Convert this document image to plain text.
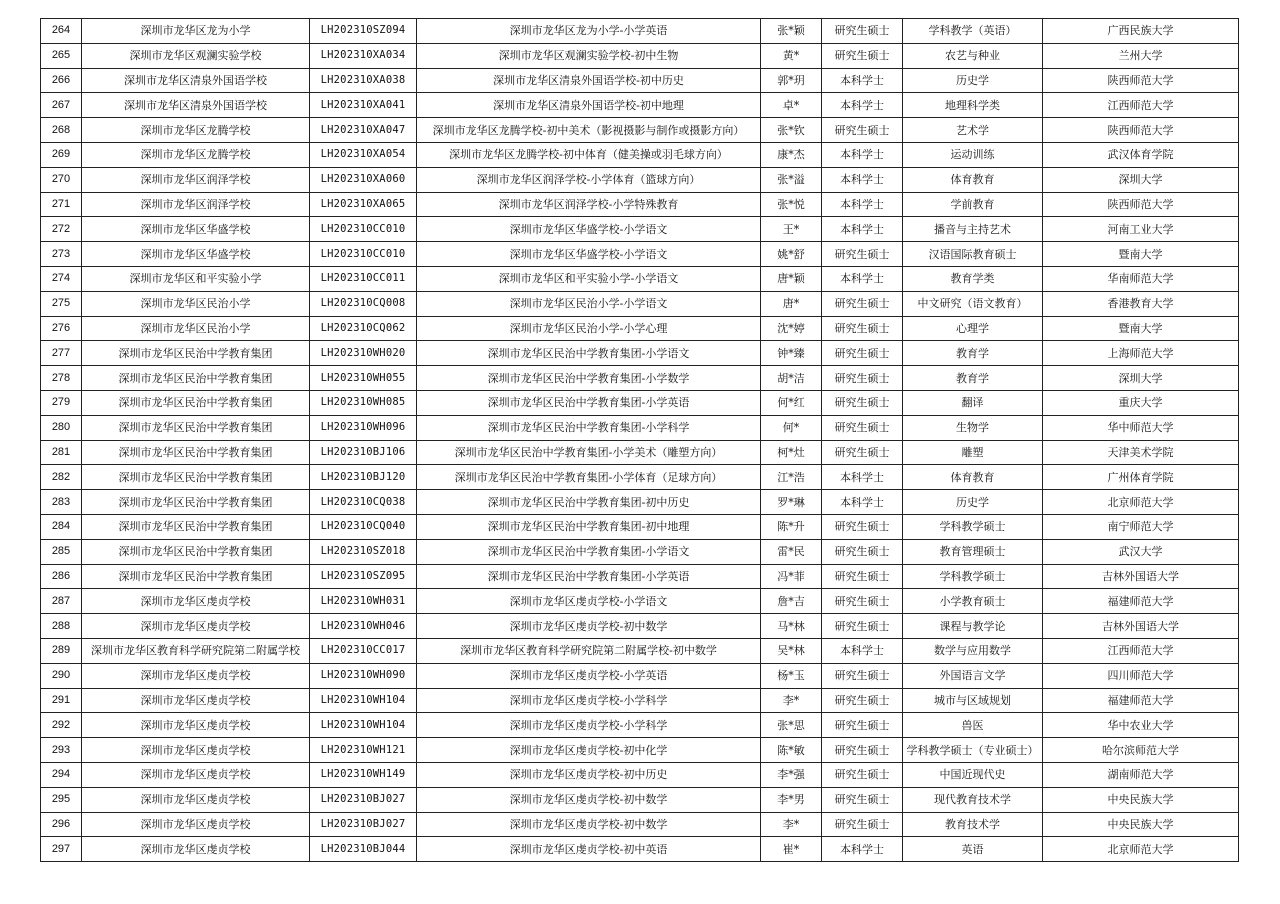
264	深圳市龙华区龙为小学	LH202310SZ094	深圳市龙华区龙为小学-小学英语	张*颖	研究生硕士	学科教学（英语）	广西民族大学
265	深圳市龙华区观澜实验学校	LH202310XA034	深圳市龙华区观澜实验学校-初中生物	黄*	研究生硕士	农艺与种业	兰州大学
266	深圳市龙华区清泉外国语学校	LH202310XA038	深圳市龙华区清泉外国语学校-初中历史	郭*玥	本科学士	历史学	陕西师范大学
267	深圳市龙华区清泉外国语学校	LH202310XA041	深圳市龙华区清泉外国语学校-初中地理	卓*	本科学士	地理科学类	江西师范大学
268	深圳市龙华区龙腾学校	LH202310XA047	深圳市龙华区龙腾学校-初中美术（影视摄影与制作或摄影方向）	张*钦	研究生硕士	艺术学	陕西师范大学
269	深圳市龙华区龙腾学校	LH202310XA054	深圳市龙华区龙腾学校-初中体育（健美操或羽毛球方向）	康*杰	本科学士	运动训练	武汉体育学院
270	深圳市龙华区润泽学校	LH202310XA060	深圳市龙华区润泽学校-小学体育（篮球方向）	张*溢	本科学士	体育教育	深圳大学
271	深圳市龙华区润泽学校	LH202310XA065	深圳市龙华区润泽学校-小学特殊教育	张*悦	本科学士	学前教育	陕西师范大学
272	深圳市龙华区华盛学校	LH202310CC010	深圳市龙华区华盛学校-小学语文	王*	本科学士	播音与主持艺术	河南工业大学
273	深圳市龙华区华盛学校	LH202310CC010	深圳市龙华区华盛学校-小学语文	姚*舒	研究生硕士	汉语国际教育硕士	暨南大学
274	深圳市龙华区和平实验小学	LH202310CC011	深圳市龙华区和平实验小学-小学语文	唐*颖	本科学士	教育学类	华南师范大学
275	深圳市龙华区民治小学	LH202310CQ008	深圳市龙华区民治小学-小学语文	唐*	研究生硕士	中文研究（语文教育）	香港教育大学
276	深圳市龙华区民治小学	LH202310CQ062	深圳市龙华区民治小学-小学心理	沈*婷	研究生硕士	心理学	暨南大学
277	深圳市龙华区民治中学教育集团	LH202310WH020	深圳市龙华区民治中学教育集团-小学语文	钟*臻	研究生硕士	教育学	上海师范大学
278	深圳市龙华区民治中学教育集团	LH202310WH055	深圳市龙华区民治中学教育集团-小学数学	胡*洁	研究生硕士	教育学	深圳大学
279	深圳市龙华区民治中学教育集团	LH202310WH085	深圳市龙华区民治中学教育集团-小学英语	何*红	研究生硕士	翻译	重庆大学
280	深圳市龙华区民治中学教育集团	LH202310WH096	深圳市龙华区民治中学教育集团-小学科学	何*	研究生硕士	生物学	华中师范大学
281	深圳市龙华区民治中学教育集团	LH202310BJ106	深圳市龙华区民治中学教育集团-小学美术（雕塑方向）	柯*灶	研究生硕士	雕塑	天津美术学院
282	深圳市龙华区民治中学教育集团	LH202310BJ120	深圳市龙华区民治中学教育集团-小学体育（足球方向）	江*浩	本科学士	体育教育	广州体育学院
283	深圳市龙华区民治中学教育集团	LH202310CQ038	深圳市龙华区民治中学教育集团-初中历史	罗*琳	本科学士	历史学	北京师范大学
284	深圳市龙华区民治中学教育集团	LH202310CQ040	深圳市龙华区民治中学教育集团-初中地理	陈*升	研究生硕士	学科教学硕士	南宁师范大学
285	深圳市龙华区民治中学教育集团	LH202310SZ018	深圳市龙华区民治中学教育集团-小学语文	雷*民	研究生硕士	教育管理硕士	武汉大学
286	深圳市龙华区民治中学教育集团	LH202310SZ095	深圳市龙华区民治中学教育集团-小学英语	冯*菲	研究生硕士	学科教学硕士	吉林外国语大学
287	深圳市龙华区虔贞学校	LH202310WH031	深圳市龙华区虔贞学校-小学语文	詹*吉	研究生硕士	小学教育硕士	福建师范大学
288	深圳市龙华区虔贞学校	LH202310WH046	深圳市龙华区虔贞学校-初中数学	马*林	研究生硕士	课程与教学论	吉林外国语大学
289	深圳市龙华区教育科学研究院第二附属学校	LH202310CC017	深圳市龙华区教育科学研究院第二附属学校-初中数学	吴*林	本科学士	数学与应用数学	江西师范大学
290	深圳市龙华区虔贞学校	LH202310WH090	深圳市龙华区虔贞学校-小学英语	杨*玉	研究生硕士	外国语言文学	四川师范大学
291	深圳市龙华区虔贞学校	LH202310WH104	深圳市龙华区虔贞学校-小学科学	李*	研究生硕士	城市与区域规划	福建师范大学
292	深圳市龙华区虔贞学校	LH202310WH104	深圳市龙华区虔贞学校-小学科学	张*思	研究生硕士	兽医	华中农业大学
293	深圳市龙华区虔贞学校	LH202310WH121	深圳市龙华区虔贞学校-初中化学	陈*敏	研究生硕士	学科教学硕士（专业硕士）	哈尔滨师范大学
294	深圳市龙华区虔贞学校	LH202310WH149	深圳市龙华区虔贞学校-初中历史	李*强	研究生硕士	中国近现代史	湖南师范大学
295	深圳市龙华区虔贞学校	LH202310BJ027	深圳市龙华区虔贞学校-初中数学	李*男	研究生硕士	现代教育技术学	中央民族大学
296	深圳市龙华区虔贞学校	LH202310BJ027	深圳市龙华区虔贞学校-初中数学	李*	研究生硕士	教育技术学	中央民族大学
297	深圳市龙华区虔贞学校	LH202310BJ044	深圳市龙华区虔贞学校-初中英语	崔*	本科学士	英语	北京师范大学
